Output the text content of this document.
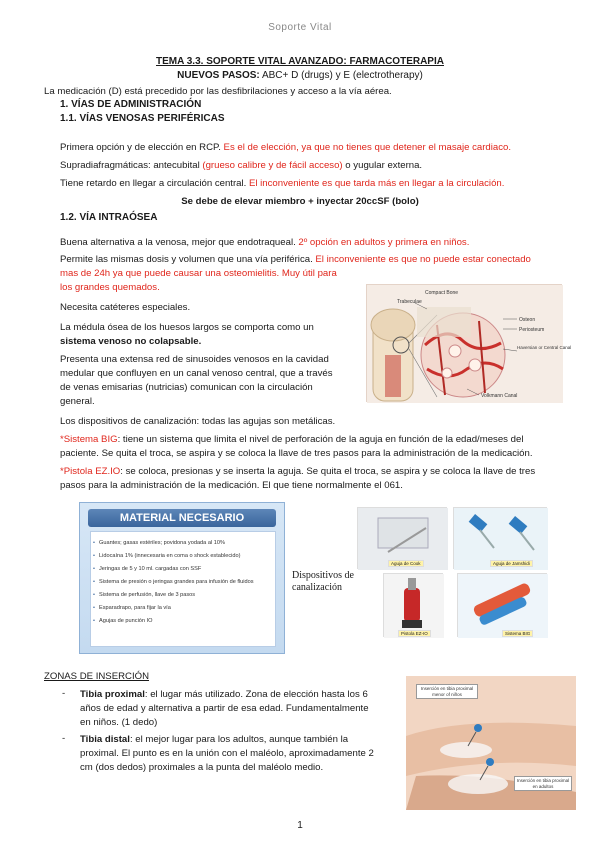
Soporte Vital
TEMA 3.3. SOPORTE VITAL AVANZADO: FARMACOTERAPIA
NUEVOS PASOS: ABC+ D (drugs) y E (electrotherapy)
La medicación (D) está precedido por las desfibrilaciones y acceso a la vía aérea.
1. VÍAS DE ADMINISTRACIÓN
1.1. VÍAS VENOSAS PERIFÉRICAS
Primera opción y de elección en RCP. Es el de elección, ya que no tienes que detener el masaje cardiaco.
Supradiafragmáticas: antecubital (grueso calibre y de fácil acceso) o yugular externa.
Tiene retardo en llegar a circulación central. El inconveniente es que tarda más en llegar a la circulación.
Se debe de elevar miembro + inyectar 20ccSF (bolo)
1.2. VÍA INTRAÓSEA
Buena alternativa a la venosa, mejor que endotraqueal. 2º opción en adultos y primera en niños.
Permite las mismas dosis y volumen que una vía periférica. El inconveniente es que no puede estar conectado
mas de 24h ya que puede causar una osteomielitis. Muy útil para
los grandes quemados.
Necesita catéteres especiales.
La médula ósea de los huesos largos se comporta como un
sistema venoso no colapsable.
Presenta una extensa red de sinusoides venosos en la cavidad
medular que confluyen en un canal venoso central, que a través
de venas emisarias (nutricias) comunican con la circulación
general.
Los dispositivos de canalización: todas las agujas son metálicas.
*Sistema BIG: tiene un sistema que limita el nivel de perforación de la aguja en función de la edad/meses del
paciente. Se quita el troca, se aspira y se coloca la llave de tres pasos para la administración de la medicación.
*Pistola EZ.IO: se coloca, presionas y se inserta la aguja. Se quita el troca, se aspira y se coloca la llave de tres
pasos para la administración de la medicación. El que tiene normalmente el 061.
Compact Bone
Trabeculae
Osteon
Periosteum
Haversian or Central Canal
Volkmann Canal
MATERIAL NECESARIO
• Guantes; gasas estériles; povidona yodada al 10%
• Lidocaína 1% (innecesaria en coma o shock establecido)
• Jeringas de 5 y 10 ml. cargadas con SSF
• Sistema de presión o jeringas grandes para infusión de fluidos
• Sistema de perfusión, llave de 3 pasos
• Esparadrapo, para fijar la vía
• Agujas de punción IO
Dispositivos de
canalización
Aguja de Cook	Aguja de Jamshidi
Pistola EZ-IO	Sistema BIG
ZONAS DE INSERCIÓN
- Tibia proximal: el lugar más utilizado. Zona de elección hasta los 6
años de edad y alternativa a partir de esa edad. Fundamentalmente
en niños. (1 dedo)
- Tibia distal: el mejor lugar para los adultos, aunque también la
proximal. El punto es en la unión con el maléolo, aproximadamente 2
cm (dos dedos) proximales a la punta del maléolo medio.
Inserción en tibia proximal menor of niños
Inserción en tibia proximal en adultos
1
